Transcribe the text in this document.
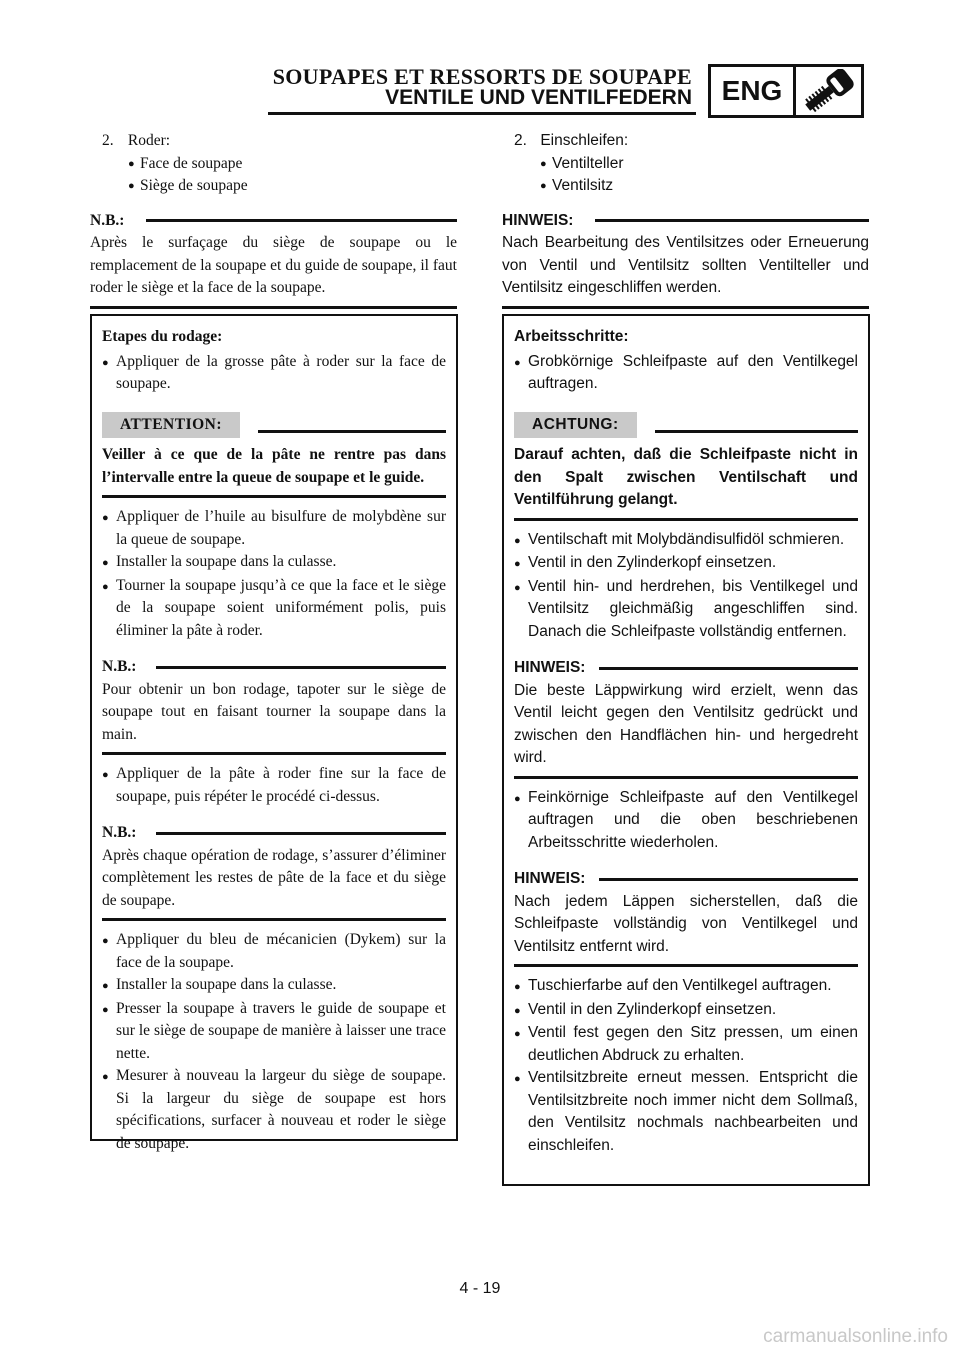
SOUPAPES ET RESSORTS DE SOUPAPE
VENTILE UND VENTILFEDERN	ENG

2. Roder:

● Face de soupape

● Siège de soupape

N.B.:

Après le surfaçage du siège de soupape ou le remplacement de la soupape et du guide de soupape, il faut roder le siège et la face de la soupape.

Etapes du rodage:

● Appliquer de la grosse pâte à roder sur la face de soupape.
ATTENTION:

Veiller à ce que de la pâte ne rentre pas dans l’intervalle entre la queue de soupape et le guide.

● Appliquer de l’huile au bisulfure de molybdène sur la queue de soupape.
● Installer la soupape dans la culasse.
● Tourner la soupape jusqu’à ce que la face et le siège de la soupape soient uniformément polis, puis éliminer la pâte à roder.
N.B.:

Pour obtenir un bon rodage, tapoter sur le siège de soupape tout en faisant tourner la soupape dans la main.

● Appliquer de la pâte à roder fine sur la face de soupape, puis répéter le procédé ci-dessus.
N.B.:

Après chaque opération de rodage, s’assurer d’éliminer complètement les restes de pâte de la face et du siège de soupape.

● Appliquer du bleu de mécanicien (Dykem) sur la face de la soupape.
● Installer la soupape dans la culasse.
● Presser la soupape à travers le guide de soupape et sur le siège de soupape de manière à laisser une trace nette.
● Mesurer à nouveau la largeur du siège de soupape. Si la largeur du siège de soupape est hors spécifications, surfacer à nouveau et roder le siège de soupape.

2. Einschleifen:

● Ventilteller

● Ventilsitz

HINWEIS:

Nach Bearbeitung des Ventilsitzes oder Erneuerung von Ventil und Ventilsitz sollten Ventilteller und Ventilsitz eingeschliffen werden.

Arbeitsschritte:

● Grobkörnige Schleifpaste auf den Ventilkegel auftragen.
ACHTUNG:

Darauf achten, daß die Schleifpaste nicht in den Spalt zwischen Ventilschaft und Ventilführung gelangt.

● Ventilschaft mit Molybdändisulfidöl schmieren.
● Ventil in den Zylinderkopf einsetzen.
● Ventil hin- und herdrehen, bis Ventilkegel und Ventilsitz gleichmäßig angeschliffen sind. Danach die Schleifpaste vollständig entfernen.
HINWEIS:

Die beste Läppwirkung wird erzielt, wenn das Ventil leicht gegen den Ventilsitz gedrückt und zwischen den Handflächen hin- und hergedreht wird.

● Feinkörnige Schleifpaste auf den Ventilkegel auftragen und die oben beschriebenen Arbeitsschritte wiederholen.
HINWEIS:

Nach jedem Läppen sicherstellen, daß die Schleifpaste vollständig von Ventilkegel und Ventilsitz entfernt wird.

● Tuschierfarbe auf den Ventilkegel auftragen.
● Ventil in den Zylinderkopf einsetzen.
● Ventil fest gegen den Sitz pressen, um einen deutlichen Abdruck zu erhalten.
● Ventilsitzbreite erneut messen. Entspricht die Ventilsitzbreite noch immer nicht dem Sollmaß, den Ventilsitz nochmals nachbearbeiten und einschleifen.
4 - 19
carmanualsonline.info
